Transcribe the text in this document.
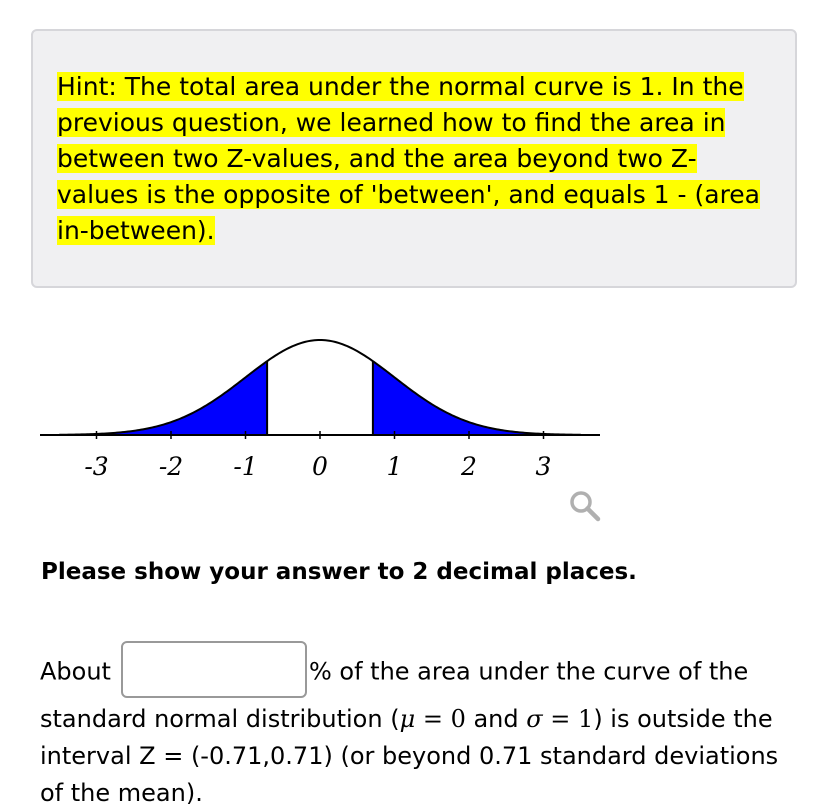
Hint: The total area under the normal curve is 1. In the previous question, we learned how to find the area in between two Z-values, and the area beyond two Z-values is the opposite of 'between', and equals 1 - (area in-between).
-3 -2 -1 0 1 2 3
Please show your answer to 2 decimal places.
About	% of the area under the curve of the standard normal distribution (μ = 0 and σ = 1) is outside the interval Z = (-0.71,0.71) (or beyond 0.71 standard deviations of the mean).
